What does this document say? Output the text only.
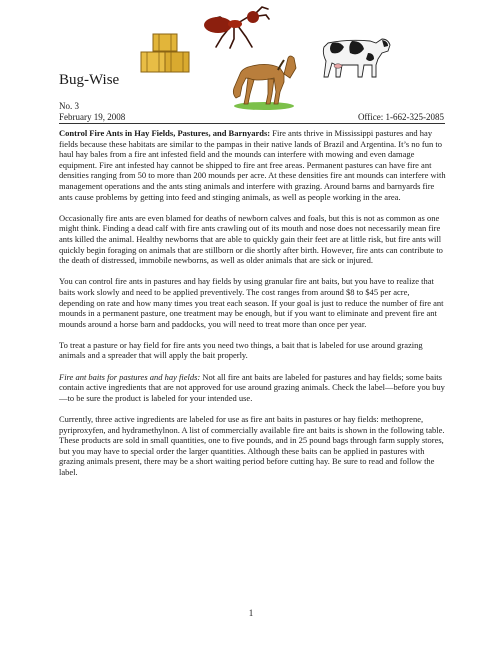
Bug-Wise
No. 3
February 19, 2008	Office: 1-662-325-2085

Control Fire Ants in Hay Fields, Pastures, and Barnyards: Fire ants thrive in Mississippi pastures and hay fields because these habitats are similar to the pampas in their native lands of Brazil and Argentina. It’s no fun to haul hay bales from a fire ant infested field and the mounds can interfere with mowing and even damage equipment. Fire ant infested hay cannot be shipped to fire ant free areas. Permanent pastures can have fire ant densities ranging from 50 to more than 200 mounds per acre. At these densities fire ant mounds can interfere with management operations and the ants sting animals and interfere with grazing. Around barns and barnyards fire ants cause problems by getting into feed and stinging animals, as well as people working in the area.

Occasionally fire ants are even blamed for deaths of newborn calves and foals, but this is not as common as one might think. Finding a dead calf with fire ants crawling out of its mouth and nose does not necessarily mean fire ants killed the animal. Healthy newborns that are able to quickly gain their feet are at little risk, but fire ants will quickly begin foraging on animals that are stillborn or die shortly after birth. However, fire ants can contribute to the death of distressed, immobile newborns, as well as older animals that are sick or injured.

You can control fire ants in pastures and hay fields by using granular fire ant baits, but you have to realize that baits work slowly and need to be applied preventively. The cost ranges from around $8 to $45 per acre, depending on rate and how many times you treat each season. If your goal is just to reduce the number of fire ant mounds in a permanent pasture, one treatment may be enough, but if you want to eliminate and prevent fire ant mounds around a horse barn and paddocks, you will need to treat more than once per year.

To treat a pasture or hay field for fire ants you need two things, a bait that is labeled for use around grazing animals and a spreader that will apply the bait properly.

Fire ant baits for pastures and hay fields: Not all fire ant baits are labeled for pastures and hay fields; some baits contain active ingredients that are not approved for use around grazing animals. Check the label—before you buy—to be sure the product is labeled for your intended use.

Currently, three active ingredients are labeled for use as fire ant baits in pastures or hay fields: methoprene, pyriproxyfen, and hydramethylnon. A list of commercially available fire ant baits is shown in the following table. These products are sold in small quantities, one to five pounds, and in 25 pound bags through farm supply stores, but you may have to special order the larger quantities. Although these baits can be applied in pastures with grazing animals present, there may be a short waiting period before cutting hay. Be sure to read and follow the label.

1
